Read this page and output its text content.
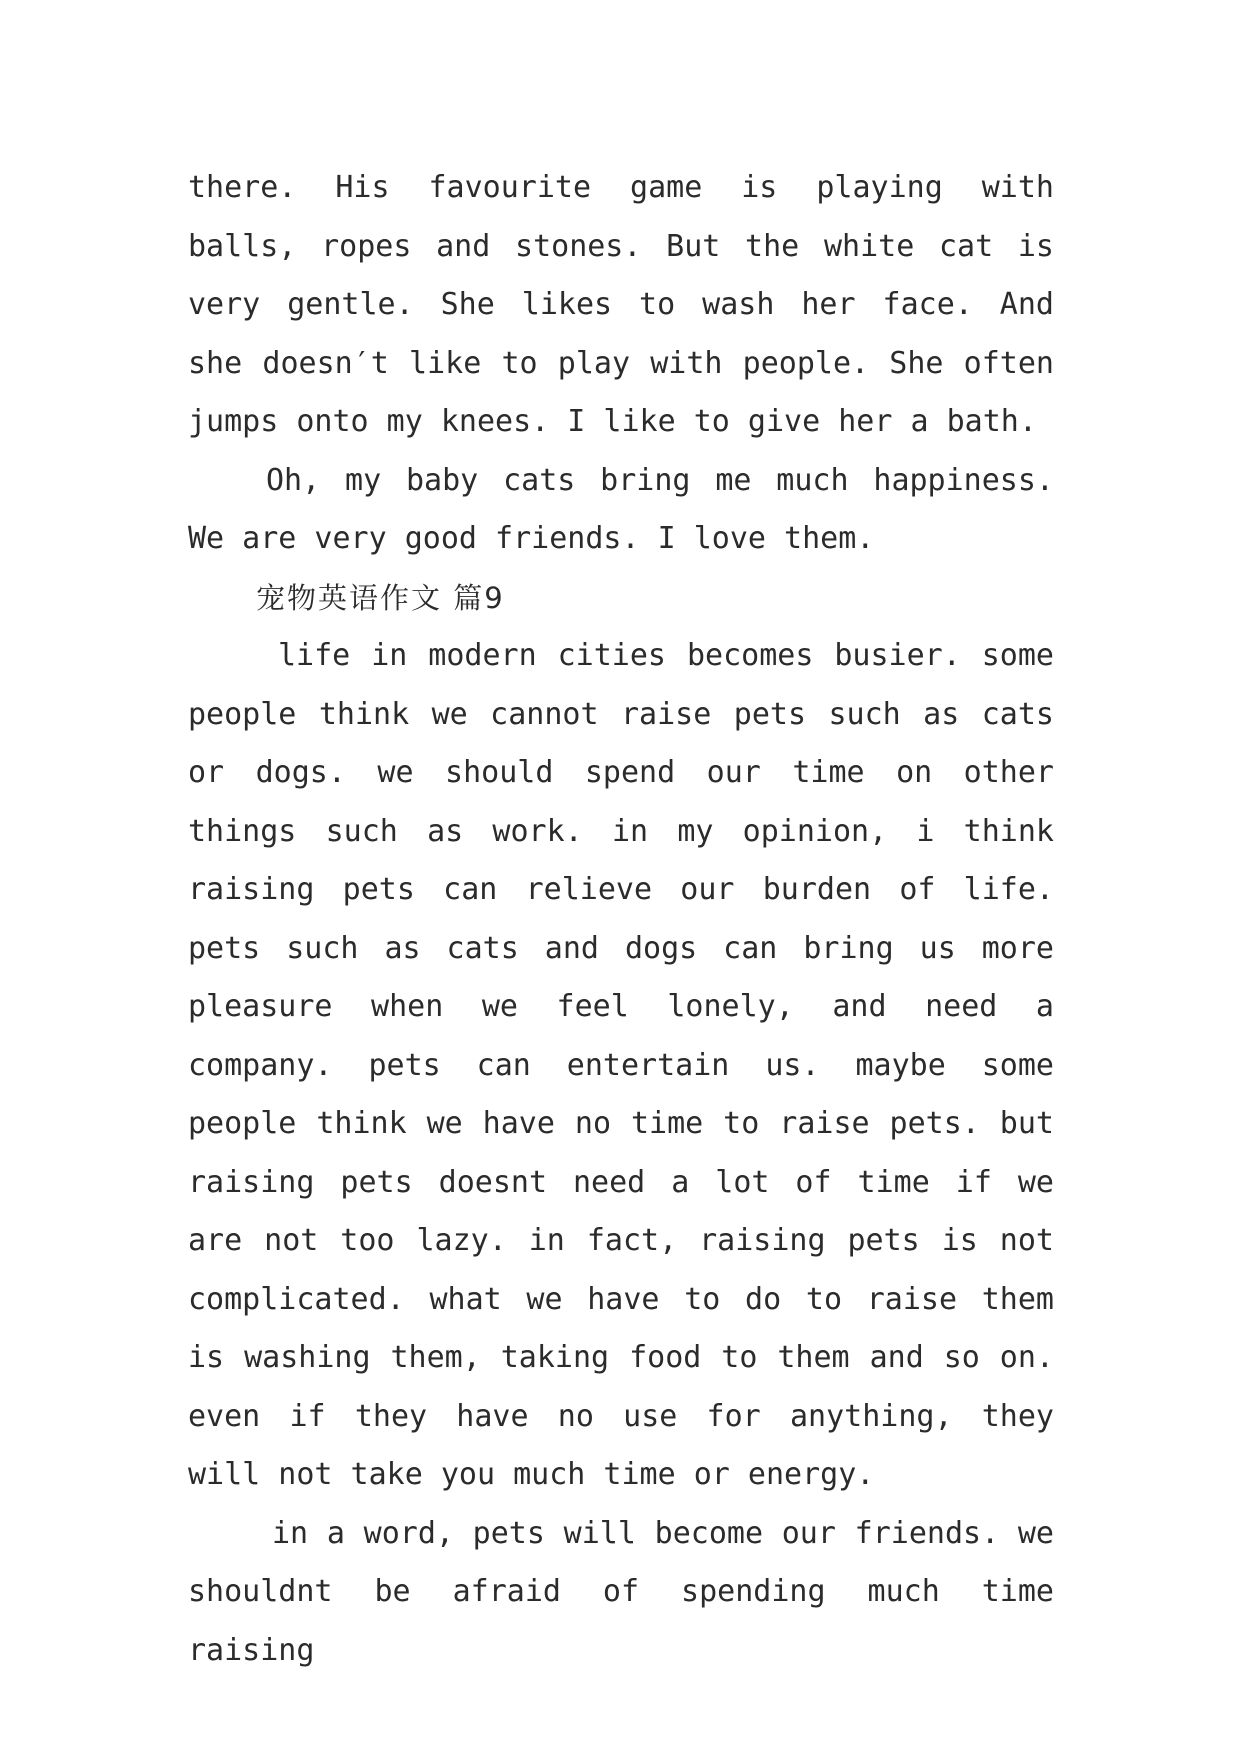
there. His favourite game is playing with balls, ropes and stones. But the white cat is very gentle. She likes to wash her face. And she doesn′t like to play with people. She often jumps onto my knees. I like to give her a bath.

Oh, my baby cats bring me much happiness. We are very good friends. I love them.

宠物英语作文 篇9

life in modern cities becomes busier. some people think we cannot raise pets such as cats or dogs. we should spend our time on other things such as work. in my opinion, i think raising pets can relieve our burden of life. pets such as cats and dogs can bring us more pleasure when we feel lonely, and need a company. pets can entertain us. maybe some people think we have no time to raise pets. but raising pets doesnt need a lot of time if we are not too lazy. in fact, raising pets is not complicated. what we have to do to raise them is washing them, taking food to them and so on. even if they have no use for anything, they will not take you much time or energy.

in a word, pets will become our friends. we shouldnt be afraid of spending much time raising
